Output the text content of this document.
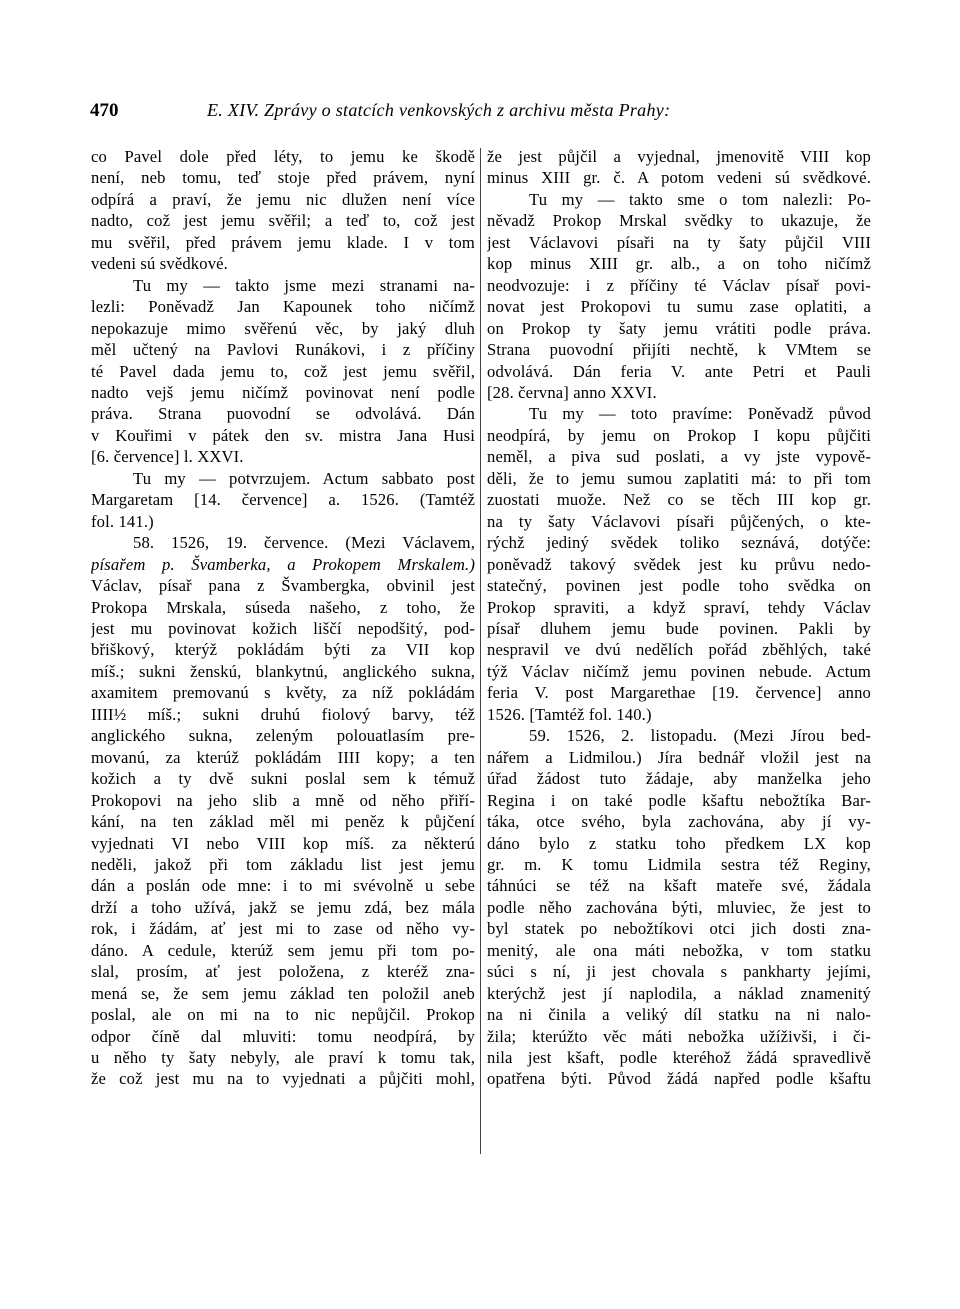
470	E. XIV. Zprávy o statcích venkovských z archivu města Prahy:
co Pavel dole před léty, to jemu ke škodě
není, neb tomu, teď stoje před právem, nyní
odpírá a praví, že jemu nic dlužen není více
nadto, což jest jemu svěřil; a teď to, což jest
mu svěřil, před právem jemu klade. I v tom
vedeni sú svědkové.
Tu my — takto jsme mezi stranami na-
lezli: Poněvadž Jan Kapounek toho ničímž
nepokazuje mimo svěřenú věc, by jaký dluh
měl učtený na Pavlovi Runákovi, i z příčiny
té Pavel dada jemu to, což jest jemu svěřil,
nadto vejš jemu ničímž povinovat není podle
práva. Strana puovodní se odvolává. Dán
v Kouřimi v pátek den sv. mistra Jana Husi
[6. července] l. XXVI.
Tu my — potvrzujem. Actum sabbato post
Margaretam [14. července] a. 1526. (Tamtéž
fol. 141.)
58. 1526, 19. července. (Mezi Václavem,
písařem p. Švamberka, a Prokopem Mrskalem.)
Václav, písař pana z Švambergka, obvinil jest
Prokopa Mrskala, súseda našeho, z toho, že
jest mu povinovat kožich liščí nepodšitý, pod-
břiškový, kterýž pokládám býti za VII kop
míš.; sukni ženskú, blankytnú, anglického sukna,
axamitem premovanú s květy, za níž pokládám
IIII½ míš.; sukni druhú fiolový barvy, též
anglického sukna, zeleným polouatlasím pre-
movanú, za kterúž pokládám IIII kopy; a ten
kožich a ty dvě sukni poslal sem k témuž
Prokopovi na jeho slib a mně od něho přiří-
kání, na ten základ měl mi peněz k půjčení
vyjednati VI nebo VIII kop míš. za některú
neděli, jakož při tom základu list jest jemu
dán a poslán ode mne: i to mi svévolně u sebe
drží a toho užívá, jakž se jemu zdá, bez mála
rok, i žádám, ať jest mi to zase od něho vy-
dáno. A cedule, kterúž sem jemu při tom po-
slal, prosím, ať jest položena, z kteréž zna-
mená se, že sem jemu základ ten položil aneb
poslal, ale on mi na to nic nepůjčil. Prokop
odpor číně dal mluviti: tomu neodpírá, by
u něho ty šaty nebyly, ale praví k tomu tak,
že což jest mu na to vyjednati a půjčiti mohl,
že jest půjčil a vyjednal, jmenovitě VIII kop
minus XIII gr. č. A potom vedeni sú svědkové.
Tu my — takto sme o tom nalezli: Po-
něvadž Prokop Mrskal svědky to ukazuje, že
jest Václavovi písaři na ty šaty půjčil VIII
kop minus XIII gr. alb., a on toho ničímž
neodvozuje: i z příčiny té Václav písař povi-
novat jest Prokopovi tu sumu zase oplatiti, a
on Prokop ty šaty jemu vrátiti podle práva.
Strana puovodní přijíti nechtě, k VMtem se
odvolává. Dán feria V. ante Petri et Pauli
[28. června] anno XXVI.
Tu my — toto pravíme: Poněvadž původ
neodpírá, by jemu on Prokop I kopu půjčiti
neměl, a piva sud poslati, a vy jste vypově-
děli, že to jemu sumou zaplatiti má: to při tom
zuostati muože. Než co se těch III kop gr.
na ty šaty Václavovi písaři půjčených, o kte-
rýchž jediný svědek toliko seznává, dotýče:
poněvadž takový svědek jest ku průvu nedo-
statečný, povinen jest podle toho svědka on
Prokop spraviti, a když spraví, tehdy Václav
písař dluhem jemu bude povinen. Pakli by
nespravil ve dvú nedělích pořád zběhlých, také
týž Václav ničímž jemu povinen nebude. Actum
feria V. post Margarethae [19. července] anno
1526. [Tamtéž fol. 140.)
59. 1526, 2. listopadu. (Mezi Jírou bed-
nářem a Lidmilou.) Jíra bednář vložil jest na
úřad žádost tuto žádaje, aby manželka jeho
Regina i on také podle kšaftu nebožtíka Bar-
táka, otce svého, byla zachována, aby jí vy-
dáno bylo z statku toho předkem LX kop
gr. m. K tomu Lidmila sestra též Reginy,
táhnúci se též na kšaft mateře své, žádala
podle něho zachována býti, mluviec, že jest to
byl statek po nebožtíkovi otci jich dosti zna-
menitý, ale ona máti nebožka, v tom statku
súci s ní, ji jest chovala s pankharty jejími,
kterýchž jest jí naplodila, a náklad znamenitý
na ni činila a veliký díl statku na ni nalo-
žila; kterúžto věc máti nebožka užíživši, i či-
nila jest kšaft, podle kteréhož žádá spravedlivě
opatřena býti. Původ žádá napřed podle kšaftu
